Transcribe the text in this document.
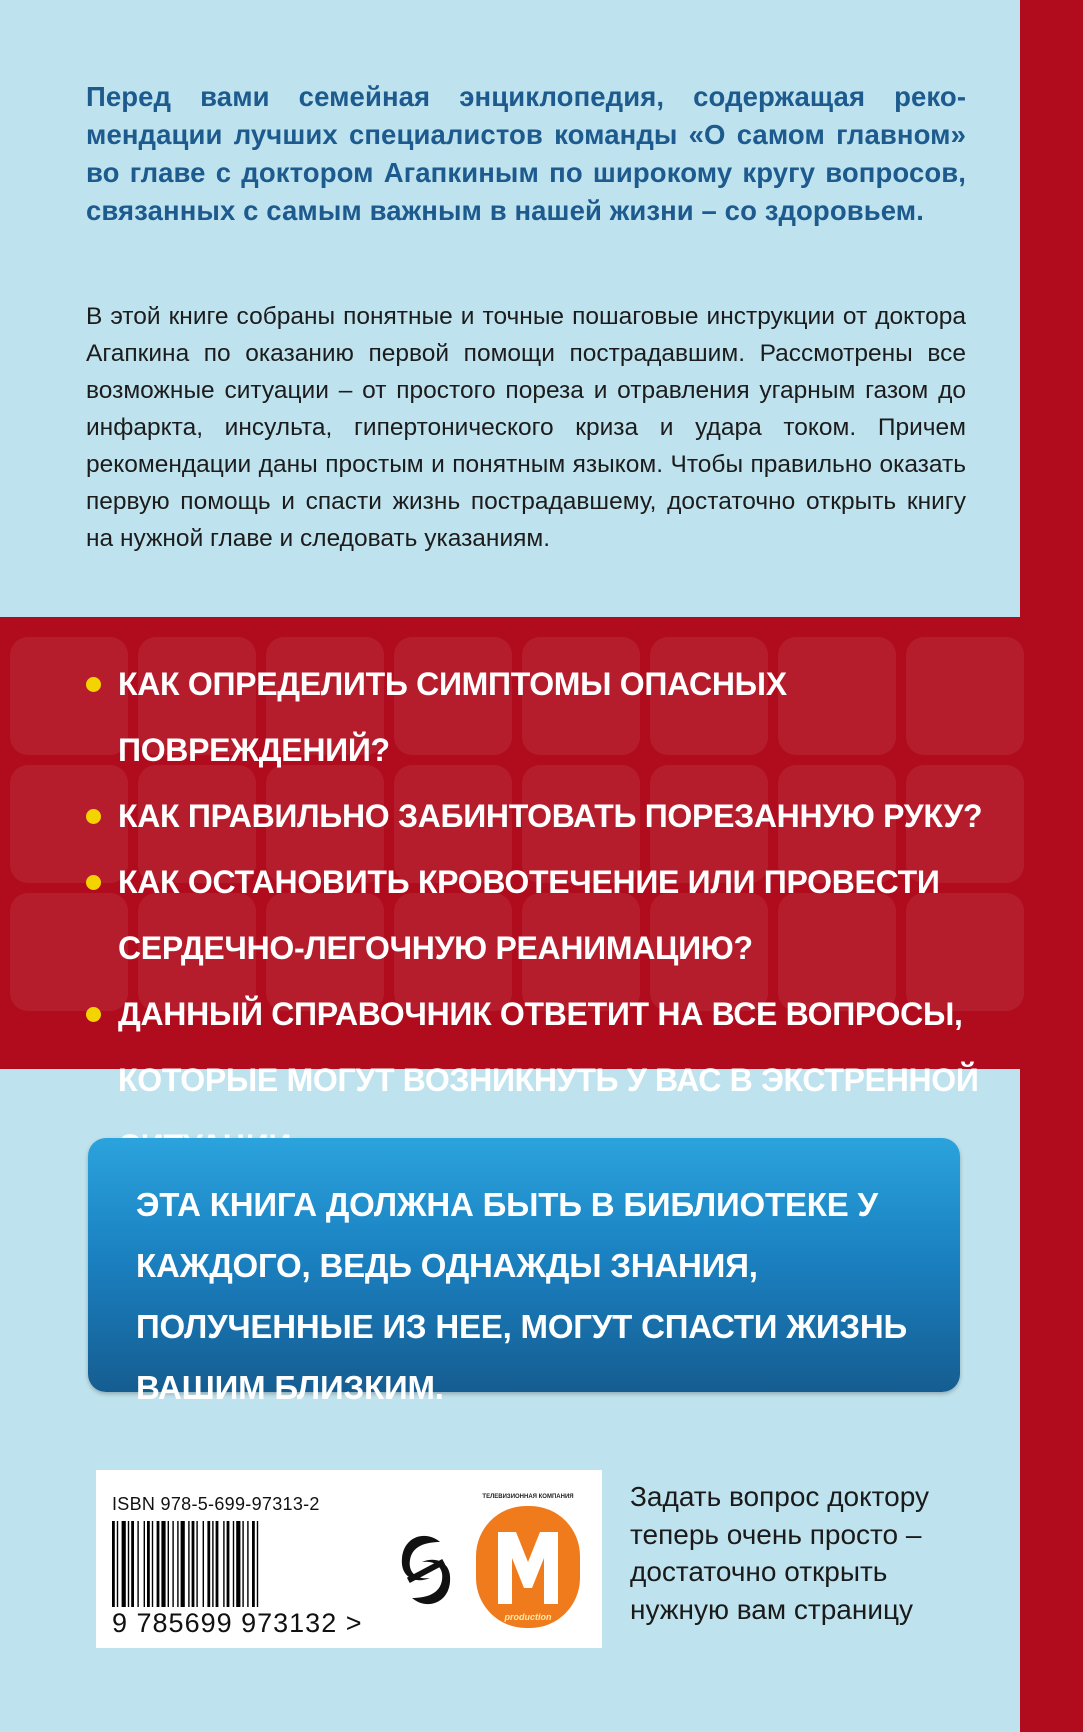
Перед вами семейная энциклопедия, содержащая рекомендации лучших специалистов команды «О самом главном» во главе с доктором Агапкиным по широкому кругу вопросов, связанных с самым важным в нашей жизни – со здоровьем.

В этой книге собраны понятные и точные пошаговые инструкции от доктора Агапкина по оказанию первой помощи пострадавшим. Рассмотрены все возможные ситуации – от простого пореза и отравления угарным газом до инфаркта, инсульта, гипертонического криза и удара током. Причем рекомендации даны простым и понятным языком. Чтобы правильно оказать первую помощь и спасти жизнь пострадавшему, достаточно открыть книгу на нужной главе и следовать указаниям.

КАК ОПРЕДЕЛИТЬ СИМПТОМЫ ОПАСНЫХ ПОВРЕЖДЕНИЙ?
КАК ПРАВИЛЬНО ЗАБИНТОВАТЬ ПОРЕЗАННУЮ РУКУ?
КАК ОСТАНОВИТЬ КРОВОТЕЧЕНИЕ ИЛИ ПРОВЕСТИ СЕРДЕЧНО-ЛЕГОЧНУЮ РЕАНИМАЦИЮ?
ДАННЫЙ СПРАВОЧНИК ОТВЕТИТ НА ВСЕ ВОПРОСЫ, КОТОРЫЕ МОГУТ ВОЗНИКНУТЬ У ВАС В ЭКСТРЕННОЙ

ЭТА КНИГА ДОЛЖНА БЫТЬ В БИБЛИОТЕКЕ У КАЖДОГО, ВЕДЬ ОДНАЖДЫ ЗНАНИЯ, ПОЛУЧЕННЫЕ ИЗ НЕЕ, МОГУТ СПАСТИ ЖИЗНЬ ВАШИМ БЛИЗКИМ.

ISBN 978-5-699-97313-2
9 785699 973132 >	production
ТЕЛЕВИЗИОННАЯ КОМПАНИЯ	Задать вопрос доктору теперь очень просто – достаточно открыть нужную вам страницу
